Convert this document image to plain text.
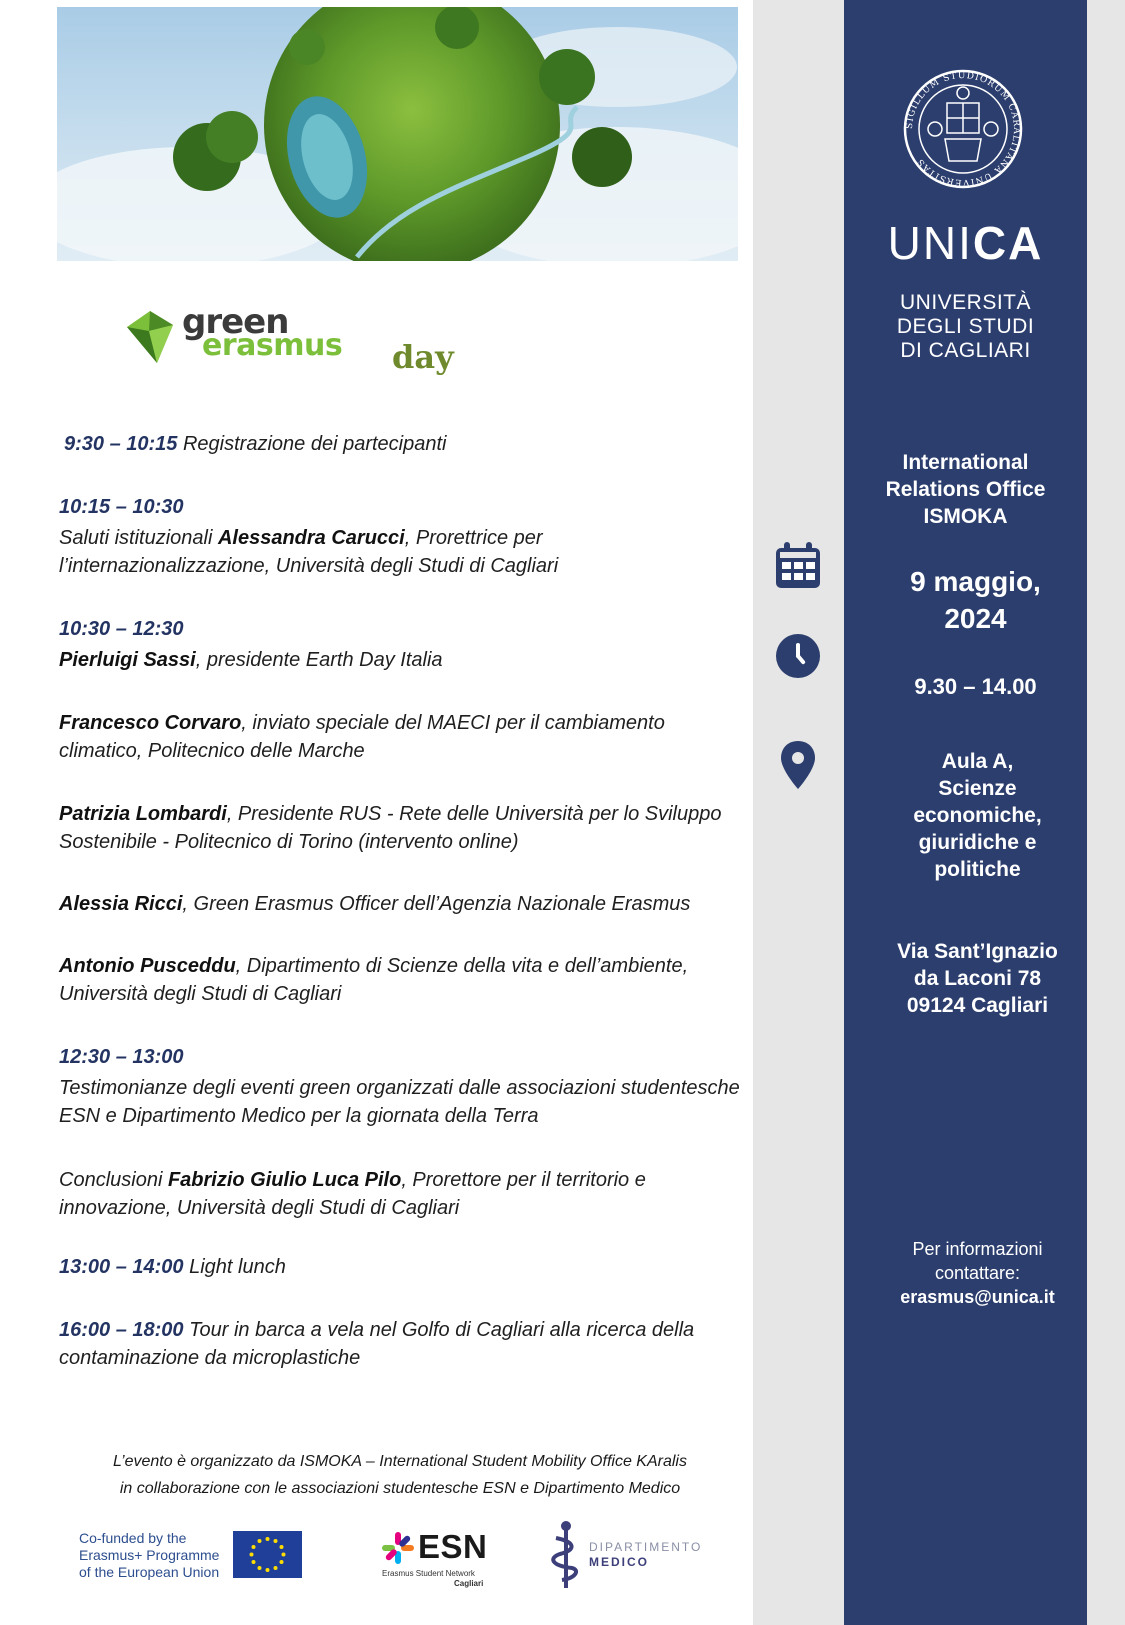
green
erasmus day
9:30 – 10:15 Registrazione dei partecipanti
10:15 – 10:30
Saluti istituzionali Alessandra Carucci, Prorettrice per l’internazionalizzazione, Università degli Studi di Cagliari
10:30 – 12:30
Pierluigi Sassi, presidente Earth Day Italia
Francesco Corvaro, inviato speciale del MAECI per il cambiamento climatico, Politecnico delle Marche
Patrizia Lombardi, Presidente RUS - Rete delle Università per lo Sviluppo Sostenibile - Politecnico di Torino (intervento online)
Alessia Ricci, Green Erasmus Officer dell’Agenzia Nazionale Erasmus
Antonio Pusceddu, Dipartimento di Scienze della vita e dell’ambiente, Università degli Studi di Cagliari
12:30 – 13:00
Testimonianze degli eventi green organizzati dalle associazioni studentesche ESN e Dipartimento Medico per la giornata della Terra
Conclusioni Fabrizio Giulio Luca Pilo, Prorettore per il territorio e innovazione, Università degli Studi di Cagliari
13:00 – 14:00 Light lunch
16:00 – 18:00 Tour in barca a vela nel Golfo di Cagliari alla ricerca della contaminazione da microplastiche
L’evento è organizzato da ISMOKA – International Student Mobility Office KAralis
in collaborazione con le associazioni studentesche ESN e Dipartimento Medico
Co-funded by the
Erasmus+ Programme
of the European Union
ESN
Erasmus Student Network
Cagliari
DIPARTIMENTO
MEDICO
SIGILLUM STUDIORUM CARALITANA UNIVERSITAS
UNICA
UNIVERSITÀ
DEGLI STUDI
DI CAGLIARI
International
Relations Office
ISMOKA
9 maggio,
2024
9.30 – 14.00
Aula A,
Scienze
economiche,
giuridiche e
politiche
Via Sant’Ignazio
da Laconi 78
09124 Cagliari
Per informazioni
contattare:
erasmus@unica.it
